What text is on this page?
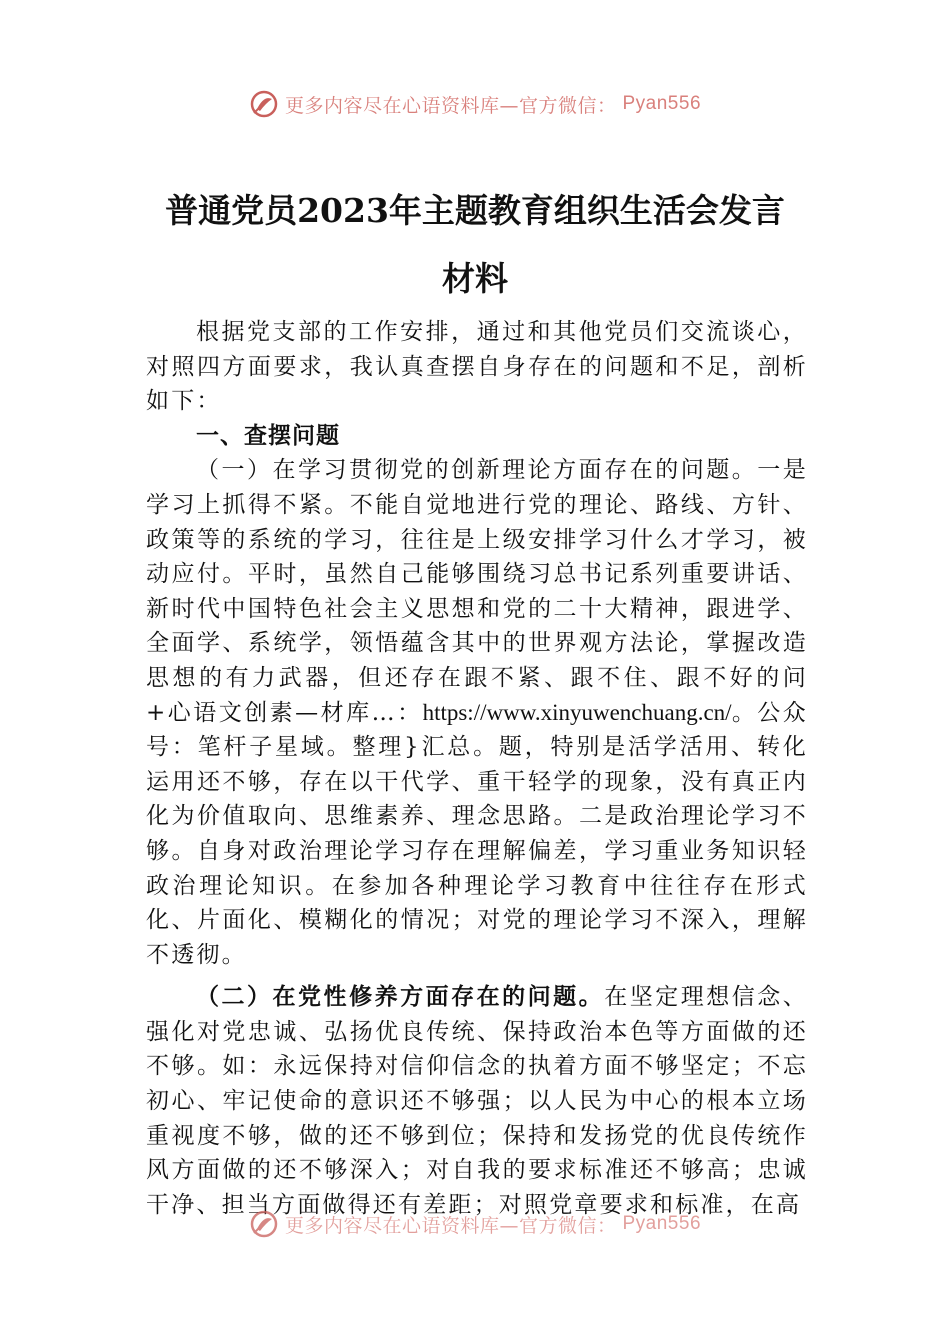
更多内容尽在心语资料库—官方微信： Pyan556
普通党员2023年主题教育组织生活会发言
材料

根据党支部的工作安排，通过和其他党员们交流谈心，对照四方面要求，我认真查摆自身存在的问题和不足，剖析如下：

一、查摆问题

（一）在学习贯彻党的创新理论方面存在的问题。一是学习上抓得不紧。不能自觉地进行党的理论、路线、方针、政策等的系统的学习，往往是上级安排学习什么才学习，被动应付。平时，虽然自己能够围绕习总书记系列重要讲话、新时代中国特色社会主义思想和党的二十大精神，跟进学、全面学、系统学，领悟蕴含其中的世界观方法论，掌握改造思想的有力武器，但还存在跟不紧、跟不住、跟不好的问+心语文创素—材库…：https://www.xinyuwenchuang.cn/。公众号：笔杆子星域。整理}汇总。题，特别是活学活用、转化运用还不够，存在以干代学、重干轻学的现象，没有真正内化为价值取向、思维素养、理念思路。二是政治理论学习不够。自身对政治理论学习存在理解偏差，学习重业务知识轻政治理论知识。在参加各种理论学习教育中往往存在形式化、片面化、模糊化的情况；对党的理论学习不深入，理解不透彻。

（二）在党性修养方面存在的问题。在坚定理想信念、强化对党忠诚、弘扬优良传统、保持政治本色等方面做的还不够。如：永远保持对信仰信念的执着方面不够坚定；不忘初心、牢记使命的意识还不够强；以人民为中心的根本立场重视度不够，做的还不够到位；保持和发扬党的优良传统作风方面做的还不够深入；对自我的要求标准还不够高；忠诚干净、担当方面做得还有差距；对照党章要求和标准，在高

更多内容尽在心语资料库—官方微信： Pyan556
